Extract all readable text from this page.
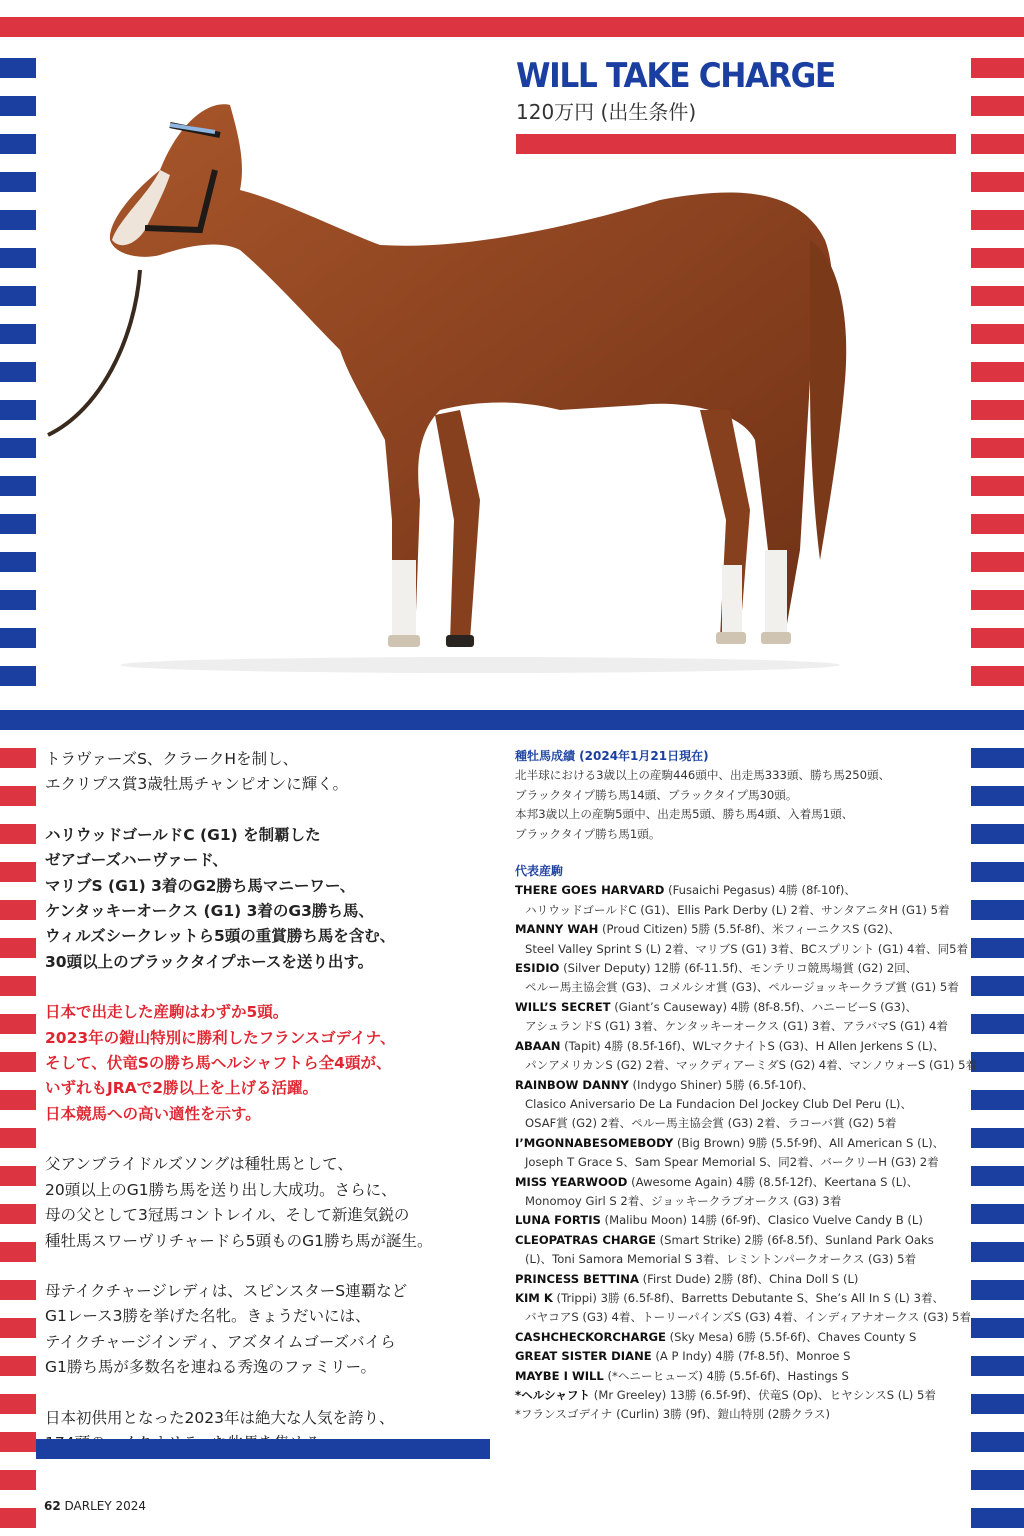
WILL TAKE CHARGE
120万円 (出生条件)

トラヴァーズS、クラークHを制し、
エクリプス賞3歳牡馬チャンピオンに輝く。

ハリウッドゴールドC (G1) を制覇した
ゼアゴーズハーヴァード、
マリブS (G1) 3着のG2勝ち馬マニーワー、
ケンタッキーオークス (G1) 3着のG3勝ち馬、
ウィルズシークレットら5頭の重賞勝ち馬を含む、
30頭以上のブラックタイプホースを送り出す。

日本で出走した産駒はわずか5頭。
2023年の鎧山特別に勝利したフランスゴデイナ、
そして、伏竜Sの勝ち馬ヘルシャフトら全4頭が、
いずれもJRAで2勝以上を上げる活躍。
日本競馬への高い適性を示す。

父アンブライドルズソングは種牡馬として、
20頭以上のG1勝ち馬を送り出し大成功。さらに、
母の父として3冠馬コントレイル、そして新進気鋭の
種牡馬スワーヴリチャードら5頭ものG1勝ち馬が誕生。

母テイクチャージレディは、スピンスターS連覇など
G1レース3勝を挙げた名牝。きょうだいには、
テイクチャージインディ、アズタイムゴーズバイら
G1勝ち馬が多数名を連ねる秀逸のファミリー。

日本初供用となった2023年は絶大な人気を誇り、

種牡馬成績 (2024年1月21日現在)
北半球における3歳以上の産駒446頭中、出走馬333頭、勝ち馬250頭、
ブラックタイプ勝ち馬14頭、ブラックタイプ馬30頭。
本邦3歳以上の産駒5頭中、出走馬5頭、勝ち馬4頭、入着馬1頭、
ブラックタイプ勝ち馬1頭。
代表産駒
THERE GOES HARVARD (Fusaichi Pegasus) 4勝 (8f-10f)、
ハリウッドゴールドC (G1)、Ellis Park Derby (L) 2着、サンタアニタH (G1) 5着
MANNY WAH (Proud Citizen) 5勝 (5.5f-8f)、米フィーニクスS (G2)、
Steel Valley Sprint S (L) 2着、マリブS (G1) 3着、BCスプリント (G1) 4着、同5着
ESIDIO (Silver Deputy) 12勝 (6f-11.5f)、モンテリコ競馬場賞 (G2) 2回、
ペルー馬主協会賞 (G3)、コメルシオ賞 (G3)、ペルージョッキークラブ賞 (G1) 5着
WILL’S SECRET (Giant’s Causeway) 4勝 (8f-8.5f)、ハニービーS (G3)、
アシュランドS (G1) 3着、ケンタッキーオークス (G1) 3着、アラバマS (G1) 4着
ABAAN (Tapit) 4勝 (8.5f-16f)、WLマクナイトS (G3)、H Allen Jerkens S (L)、
パンアメリカンS (G2) 2着、マックディアーミダS (G2) 4着、マンノウォーS (G1) 5着
RAINBOW DANNY (Indygo Shiner) 5勝 (6.5f-10f)、
Clasico Aniversario De La Fundacion Del Jockey Club Del Peru (L)、
OSAF賞 (G2) 2着、ペルー馬主協会賞 (G3) 2着、ラコーバ賞 (G2) 5着
I’MGONNABESOMEBODY (Big Brown) 9勝 (5.5f-9f)、All American S (L)、
Joseph T Grace S、Sam Spear Memorial S、同2着、バークリーH (G3) 2着
MISS YEARWOOD (Awesome Again) 4勝 (8.5f-12f)、Keertana S (L)、
Monomoy Girl S 2着、ジョッキークラブオークス (G3) 3着
LUNA FORTIS (Malibu Moon) 14勝 (6f-9f)、Clasico Vuelve Candy B (L)
CLEOPATRAS CHARGE (Smart Strike) 2勝 (6f-8.5f)、Sunland Park Oaks
(L)、Toni Samora Memorial S 3着、レミントンパークオークス (G3) 5着
PRINCESS BETTINA (First Dude) 2勝 (8f)、China Doll S (L)
KIM K (Trippi) 3勝 (6.5f-8f)、Barretts Debutante S、She’s All In S (L) 3着、
バヤコアS (G3) 4着、トーリーパインズS (G3) 4着、インディアナオークス (G3) 5着
CASHCHECKORCHARGE (Sky Mesa) 6勝 (5.5f-6f)、Chaves County S
GREAT SISTER DIANE (A P Indy) 4勝 (7f-8.5f)、Monroe S
MAYBE I WILL (*ヘニーヒューズ) 4勝 (5.5f-6f)、Hastings S
*ヘルシャフト (Mr Greeley) 13勝 (6.5f-9f)、伏竜S (Op)、ヒヤシンスS (L) 5着
*フランスゴデイナ (Curlin) 3勝 (9f)、鎧山特別 (2勝クラス)
62 DARLEY 2024
